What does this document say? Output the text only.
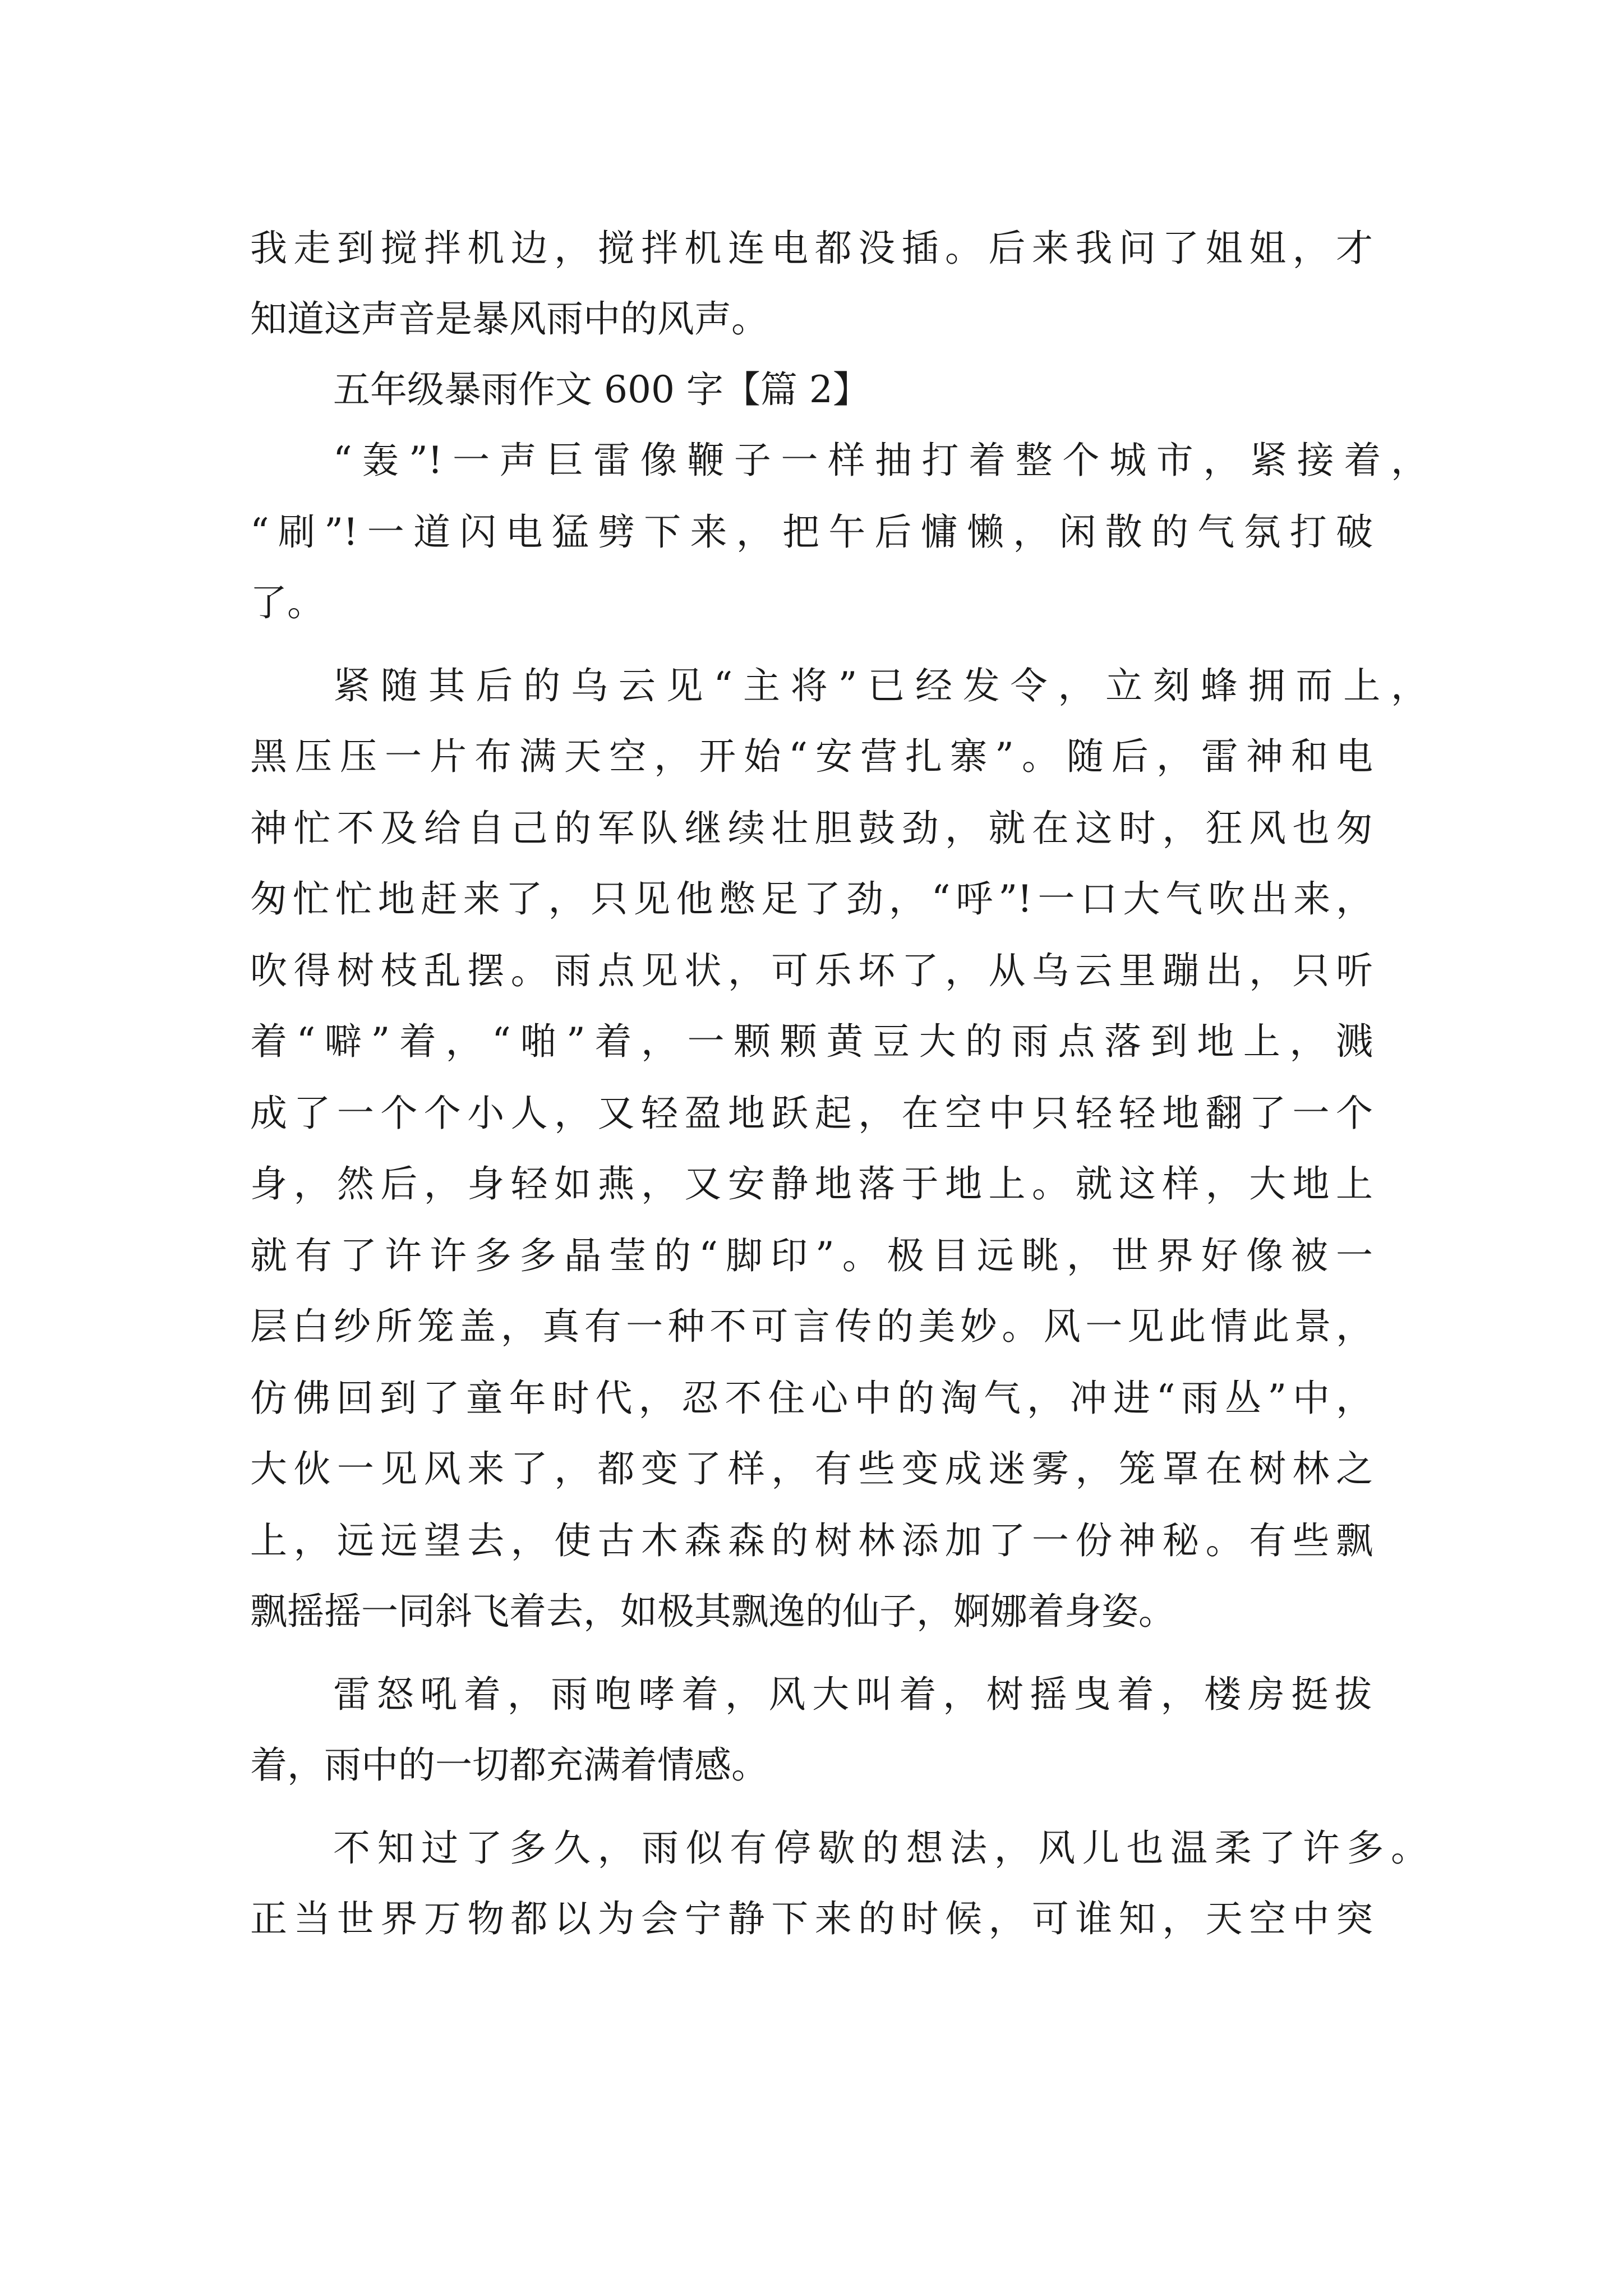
我走到搅拌机边，搅拌机连电都没插。后来我问了姐姐，才
知道这声音是暴风雨中的风声。
五年级暴雨作文 600 字【篇 2】
“轰”!一声巨雷像鞭子一样抽打着整个城市，紧接着，
“刷”!一道闪电猛劈下来，把午后慵懒，闲散的气氛打破
了。
紧随其后的乌云见“主将”已经发令，立刻蜂拥而上，
黑压压一片布满天空，开始“安营扎寨”。随后，雷神和电
神忙不及给自己的军队继续壮胆鼓劲，就在这时，狂风也匆
匆忙忙地赶来了，只见他憋足了劲，“呼”!一口大气吹出来，
吹得树枝乱摆。雨点见状，可乐坏了，从乌云里蹦出，只听
着“噼”着，“啪”着，一颗颗黄豆大的雨点落到地上，溅
成了一个个小人，又轻盈地跃起，在空中只轻轻地翻了一个
身，然后，身轻如燕，又安静地落于地上。就这样，大地上
就有了许许多多晶莹的“脚印”。极目远眺，世界好像被一
层白纱所笼盖，真有一种不可言传的美妙。风一见此情此景，
仿佛回到了童年时代，忍不住心中的淘气，冲进“雨丛”中，
大伙一见风来了，都变了样，有些变成迷雾，笼罩在树林之
上，远远望去，使古木森森的树林添加了一份神秘。有些飘
飘摇摇一同斜飞着去，如极其飘逸的仙子，婀娜着身姿。
雷怒吼着，雨咆哮着，风大叫着，树摇曳着，楼房挺拔
着，雨中的一切都充满着情感。
不知过了多久，雨似有停歇的想法，风儿也温柔了许多。
正当世界万物都以为会宁静下来的时候，可谁知，天空中突
